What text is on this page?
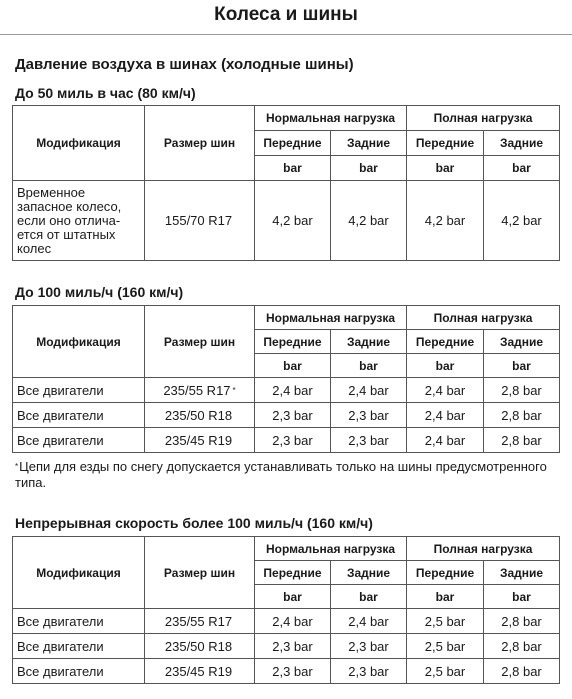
Колеса и шины
Давление воздуха в шинах (холодные шины)
До 50 миль в час (80 км/ч)
Модификация	Размер шин	Нормальная нагрузка		Полная нагрузка	
		Передние	Задние	Передние	Задние
		bar	bar	bar	bar
Временное запасное колесо, если оно отлича-ется от штатных колес	155/70 R17	4,2 bar	4,2 bar	4,2 bar	4,2 bar
До 100 миль/ч (160 км/ч)
Модификация	Размер шин	Нормальная нагрузка		Полная нагрузка	
		Передние	Задние	Передние	Задние
		bar	bar	bar	bar
Все двигатели	235/55 R17 *	2,4 bar	2,4 bar	2,4 bar	2,8 bar
Все двигатели	235/50 R18	2,3 bar	2,3 bar	2,4 bar	2,8 bar
Все двигатели	235/45 R19	2,3 bar	2,3 bar	2,4 bar	2,8 bar
*Цепи для езды по снегу допускается устанавливать только на шины предусмотренного типа.
Непрерывная скорость более 100 миль/ч (160 км/ч)
Модификация	Размер шин	Нормальная нагрузка		Полная нагрузка	
		Передние	Задние	Передние	Задние
		bar	bar	bar	bar
Все двигатели	235/55 R17	2,4 bar	2,4 bar	2,5 bar	2,8 bar
Все двигатели	235/50 R18	2,3 bar	2,3 bar	2,5 bar	2,8 bar
Все двигатели	235/45 R19	2,3 bar	2,3 bar	2,5 bar	2,8 bar
